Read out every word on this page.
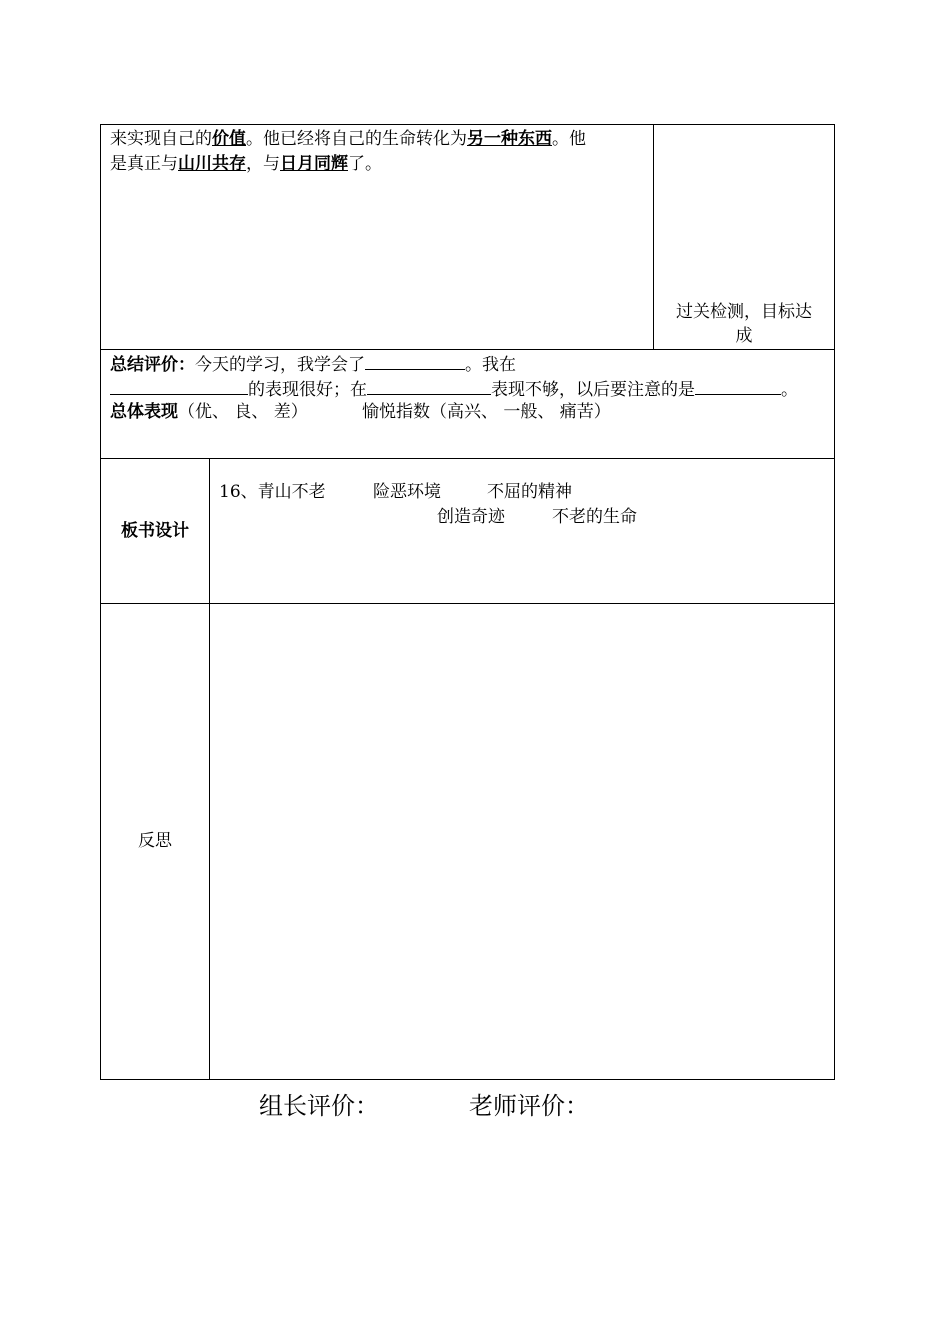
来实现自己的价值。他已经将自己的生命转化为另一种东西。他
是真正与山川共存，与日月同辉了。
过关检测，目标达
成
总结评价：今天的学习，我学会了	。我在
的表现很好；在	表现不够，以后要注意的是	。
总体表现（优、 良、 差）	愉悦指数（高兴、 一般、 痛苦）
板书设计
16、青山不老	险恶环境	不屈的精神
创造奇迹	不老的生命
反思
组长评价：	老师评价：
